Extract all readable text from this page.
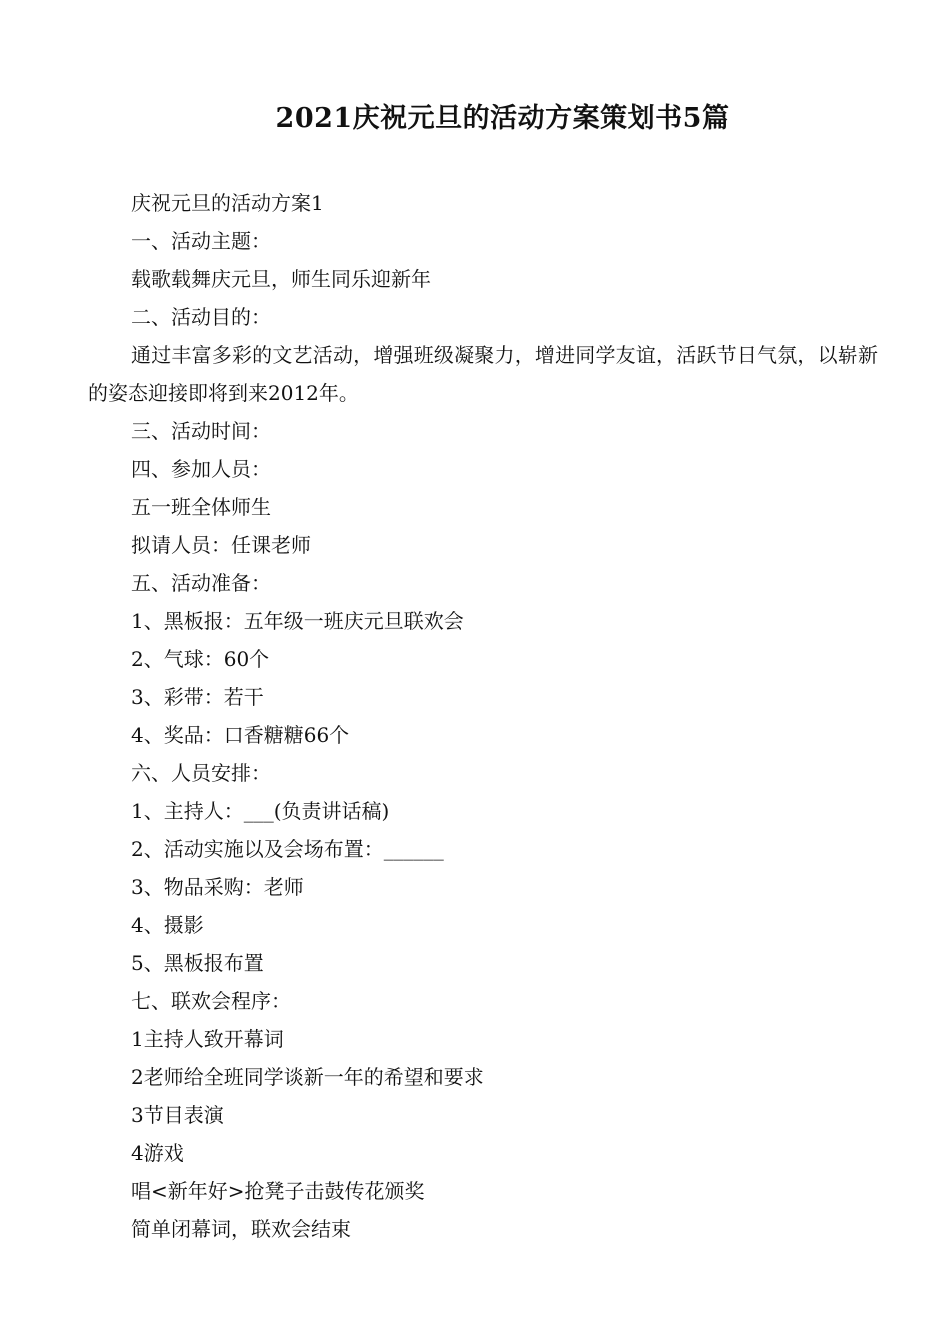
2021庆祝元旦的活动方案策划书5篇

庆祝元旦的活动方案1

一、活动主题：

载歌载舞庆元旦，师生同乐迎新年

二、活动目的：

通过丰富多彩的文艺活动，增强班级凝聚力，增进同学友谊，活跃节日气氛，以崭新的姿态迎接即将到来2012年。

三、活动时间：

四、参加人员：

五一班全体师生

拟请人员：任课老师

五、活动准备：

1、黑板报：五年级一班庆元旦联欢会

2、气球：60个

3、彩带：若干

4、奖品：口香糖糖66个

六、人员安排：

1、主持人：___(负责讲话稿)

2、活动实施以及会场布置：______

3、物品采购：老师

4、摄影

5、黑板报布置

七、联欢会程序：

1主持人致开幕词

2老师给全班同学谈新一年的希望和要求

3节目表演

4游戏

唱<新年好>抢凳子击鼓传花颁奖

简单闭幕词，联欢会结束
